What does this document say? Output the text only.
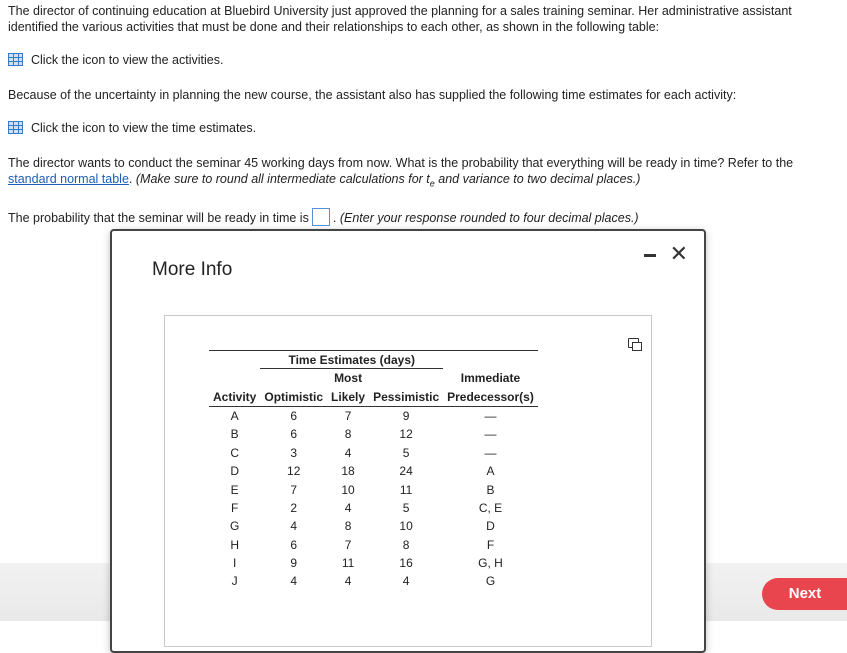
The director of continuing education at Bluebird University just approved the planning for a sales training seminar. Her administrative assistant
identified the various activities that must be done and their relationships to each other, as shown in the following table:

Click the icon to view the activities.

Because of the uncertainty in planning the new course, the assistant also has supplied the following time estimates for each activity:

Click the icon to view the time estimates.

The director wants to conduct the seminar 45 working days from now. What is the probability that everything will be ready in time? Refer to the
standard normal table. (Make sure to round all intermediate calculations for $t_e$ and variance to two decimal places.)

The probability that the seminar will be ready in time is . (Enter your response rounded to four decimal places.)

Next
More Info
✕
	Time Estimates (days)			
		Most		Immediate
Activity	Optimistic	Likely	Pessimistic	Predecessor(s)
A	6	7	9	—
B	6	8	12	—
C	3	4	5	—
D	12	18	24	A
E	7	10	11	B
F	2	4	5	C, E
G	4	8	10	D
H	6	7	8	F
I	9	11	16	G, H
J	4	4	4	G
